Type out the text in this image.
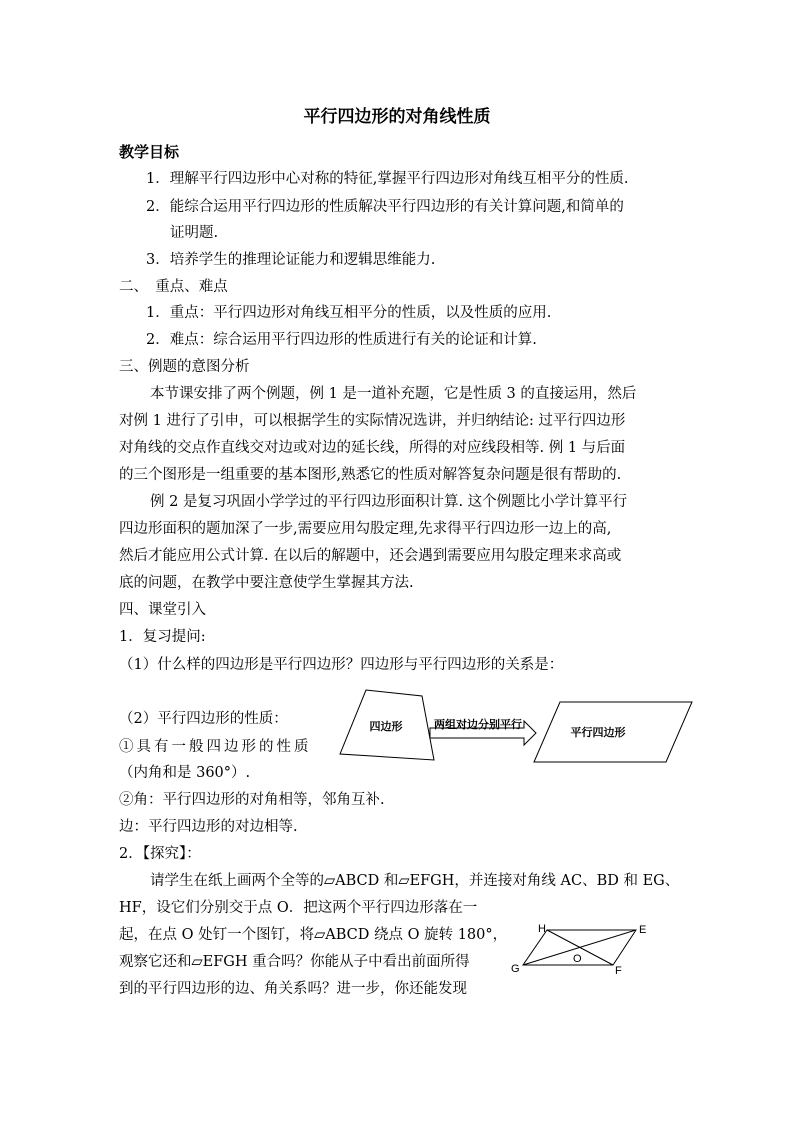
平行四边形的对角线性质
教学目标
1．理解平行四边形中心对称的特征,掌握平行四边形对角线互相平分的性质.
2．能综合运用平行四边形的性质解决平行四边形的有关计算问题,和简单的
证明题.
3．培养学生的推理论证能力和逻辑思维能力.
二、　重点、难点
1．重点：平行四边形对角线互相平分的性质，以及性质的应用.
2．难点：综合运用平行四边形的性质进行有关的论证和计算.
三、例题的意图分析
本节课安排了两个例题，例 1 是一道补充题，它是性质 3 的直接运用，然后
对例 1 进行了引申，可以根据学生的实际情况选讲，并归纳结论: 过平行四边形
对角线的交点作直线交对边或对边的延长线，所得的对应线段相等. 例 1 与后面
的三个图形是一组重要的基本图形,熟悉它的性质对解答复杂问题是很有帮助的.
例 2 是复习巩固小学学过的平行四边形面积计算. 这个例题比小学计算平行
四边形面积的题加深了一步,需要应用勾股定理,先求得平行四边形一边上的高,
然后才能应用公式计算. 在以后的解题中，还会遇到需要应用勾股定理来求高或
底的问题，在教学中要注意使学生掌握其方法.
四、课堂引入
1．复习提问:
（1）什么样的四边形是平行四边形？四边形与平行四边形的关系是：
（2）平行四边形的性质：
①具有一般四边形的性质
（内角和是 360°）.
②角：平行四边形的对角相等，邻角互补.
边：平行四边形的对边相等.
2．【探究】：
请学生在纸上画两个全等的▱ABCD 和▱EFGH，并连接对角线 AC、BD 和 EG、
HF，设它们分别交于点 O．把这两个平行四边形落在一
起，在点 O 处钉一个图钉，将▱ABCD 绕点 O 旋转 180°，
观察它还和▱EFGH 重合吗？你能从子中看出前面所得
到的平行四边形的边、角关系吗？进一步，你还能发现
四边形	两组对边分别平行
平行四边形
H	E
G	F
O
